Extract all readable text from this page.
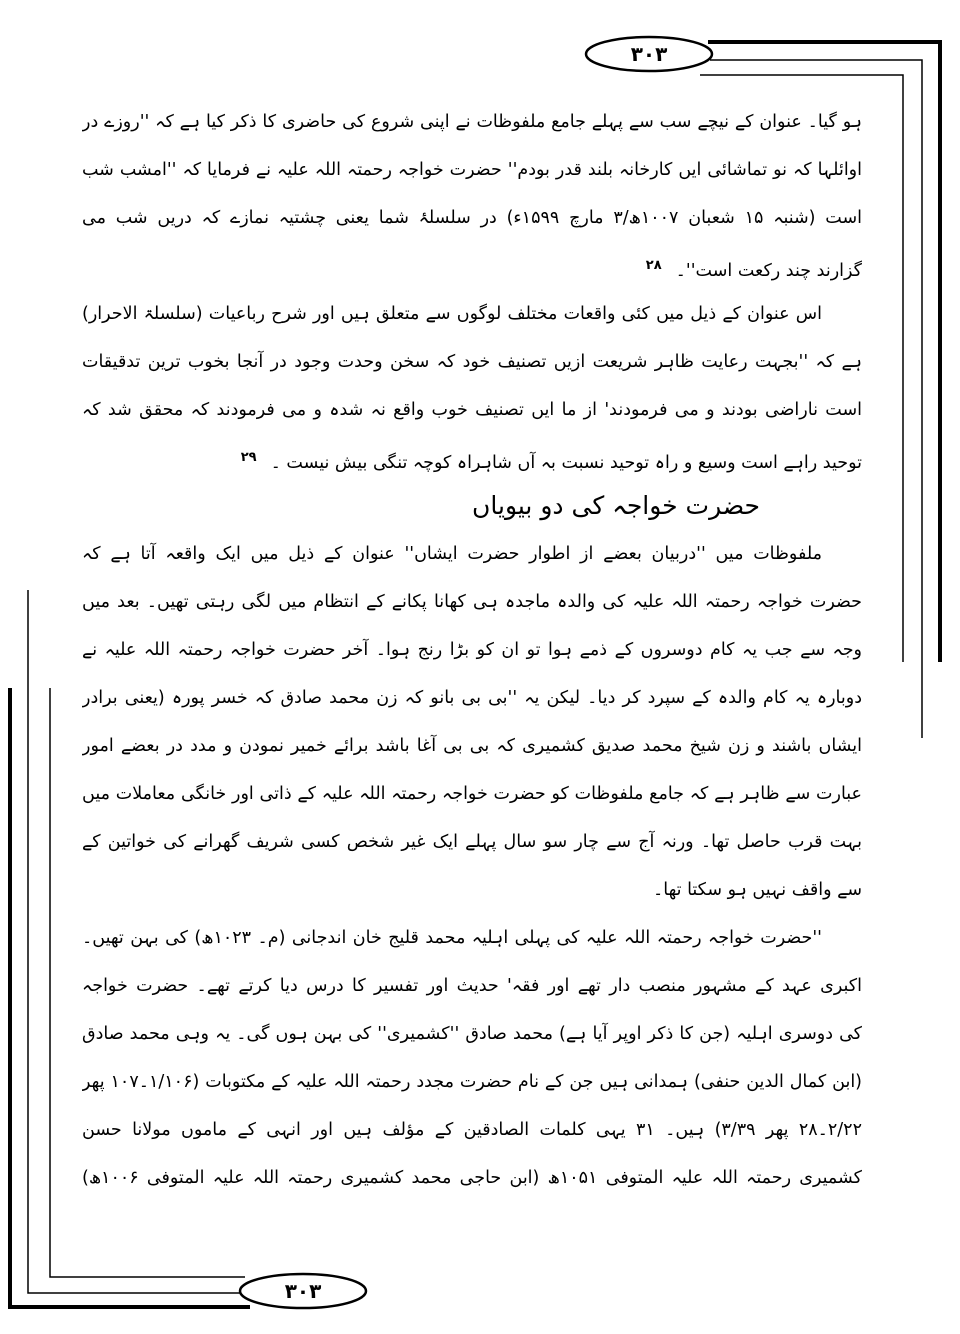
۳۰۳
۳۰۳
ہو گیا۔ عنوان کے نیچے سب سے پہلے جامع ملفوظات نے اپنی شروع کی حاضری کا ذکر کیا ہے کہ ''روزے در
اوائلہا کہ نو تماشائی ایں کارخانہ بلند قدر بودم'' حضرت خواجہ رحمتہ اللہ علیہ نے فرمایا کہ ''امشب شب
است (شنبہ ۱۵ شعبان ۱۰۰۷ھ/۳ مارچ ۱۵۹۹ء) در سلسلۂ شما یعنی چشتیہ نمازے کہ دریں شب می
گزارند چند رکعت است''۔$^{۲۸}$
اس عنوان کے ذیل میں کئی واقعات مختلف لوگوں سے متعلق ہیں اور شرح رباعیات (سلسلۃ الاحرار)
ہے کہ ''بجہت رعایت ظاہر شریعت ازیں تصنیف خود کہ سخن وحدت وجود در آنجا بخوب ترین تدقیقات
است ناراضی بودند و می فرمودند' از ما ایں تصنیف خوب واقع نہ شدہ و می فرمودند کہ محقق شد کہ
توحید راہے است وسیع و راہ توحید نسبت بہ آں شاہراہ کوچہ تنگی بیش نیست ۔$^{۲۹}$
حضرت خواجہ کی دو بیویاں
ملفوظات میں ''دربیان بعضے از اطوار حضرت ایشاں'' عنوان کے ذیل میں ایک واقعہ آتا ہے کہ
حضرت خواجہ رحمتہ اللہ علیہ کی والدہ ماجدہ ہی کھانا پکانے کے انتظام میں لگی رہتی تھیں۔ بعد میں
وجہ سے جب یہ کام دوسروں کے ذمے ہوا تو ان کو بڑا رنج ہوا۔ آخر حضرت خواجہ رحمتہ اللہ علیہ نے
دوبارہ یہ کام والدہ کے سپرد کر دیا۔ لیکن یہ ''بی بی بانو کہ زن محمد صادق کہ خسر پورہ (یعنی برادر
ایشاں باشند و زن شیخ محمد صدیق کشمیری کہ بی بی آغا باشد برائے خمیر نمودن و مدد در بعضے امور
عبارت سے ظاہر ہے کہ جامع ملفوظات کو حضرت خواجہ رحمتہ اللہ علیہ کے ذاتی اور خانگی معاملات میں
بہت قرب حاصل تھا۔ ورنہ آج سے چار سو سال پہلے ایک غیر شخص کسی شریف گھرانے کی خواتین کے
سے واقف نہیں ہو سکتا تھا۔
''حضرت خواجہ رحمتہ اللہ علیہ کی پہلی اہلیہ محمد قلیج خان اندجانی (م۔ ۱۰۲۳ھ) کی بہن تھیں۔
اکبری عہد کے مشہور منصب دار تھے اور فقہ' حدیث اور تفسیر کا درس دیا کرتے تھے۔ حضرت خواجہ
کی دوسری اہلیہ (جن کا ذکر اوپر آیا ہے) محمد صادق ''کشمیری'' کی بہن ہوں گی۔ یہ وہی محمد صادق
(ابن کمال الدین حنفی) ہمدانی ہیں جن کے نام حضرت مجدد رحمتہ اللہ علیہ کے مکتوبات (۱/۱۰۶۔۱۰۷ پھر
۲/۲۲۔۲۸ پھر ۳/۳۹) ہیں۔ ۳۱ یہی کلمات الصادقین کے مؤلف ہیں اور انہی کے ماموں مولانا حسن
کشمیری رحمتہ اللہ علیہ المتوفی ۱۰۵۱ھ (ابن حاجی محمد کشمیری رحمتہ اللہ علیہ المتوفی ۱۰۰۶ھ)
